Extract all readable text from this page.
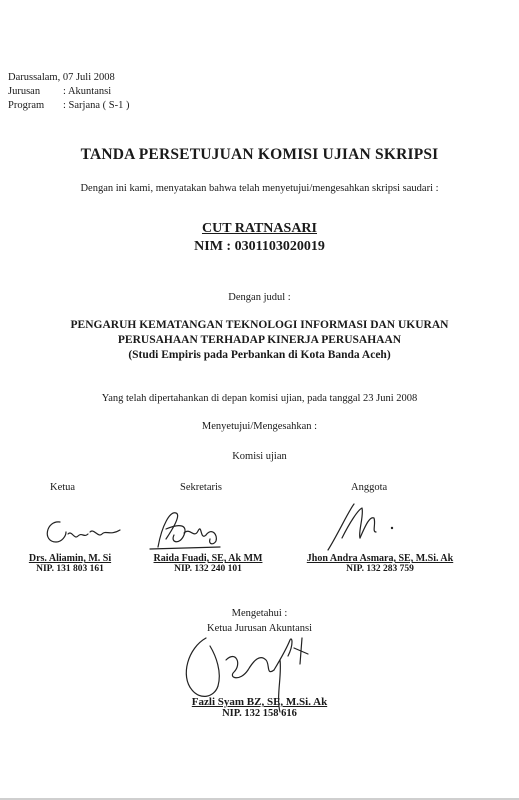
Darussalam, 07 Juli 2008
Jurusan : Akuntansi
Program : Sarjana ( S-1 )
TANDA PERSETUJUAN KOMISI UJIAN SKRIPSI
Dengan ini kami, menyatakan bahwa telah menyetujui/mengesahkan skripsi saudari :
CUT RATNASARI
NIM : 0301103020019
Dengan judul :
PENGARUH KEMATANGAN TEKNOLOGI INFORMASI DAN UKURAN
PERUSAHAAN TERHADAP KINERJA PERUSAHAAN
(Studi Empiris pada Perbankan di Kota Banda Aceh)
Yang telah dipertahankan di depan komisi ujian, pada tanggal 23 Juni 2008
Menyetujui/Mengesahkan :
Komisi ujian
Ketua	Sekretaris	Anggota
Drs. Aliamin, M. Si
NIP. 131 803 161
Raida Fuadi, SE, Ak MM
NIP. 132 240 101
Jhon Andra Asmara, SE, M.Si. Ak
NIP. 132 283 759
Mengetahui :
Ketua Jurusan Akuntansi
Fazli Syam BZ, SE, M.Si. Ak
NIP. 132 158 616
